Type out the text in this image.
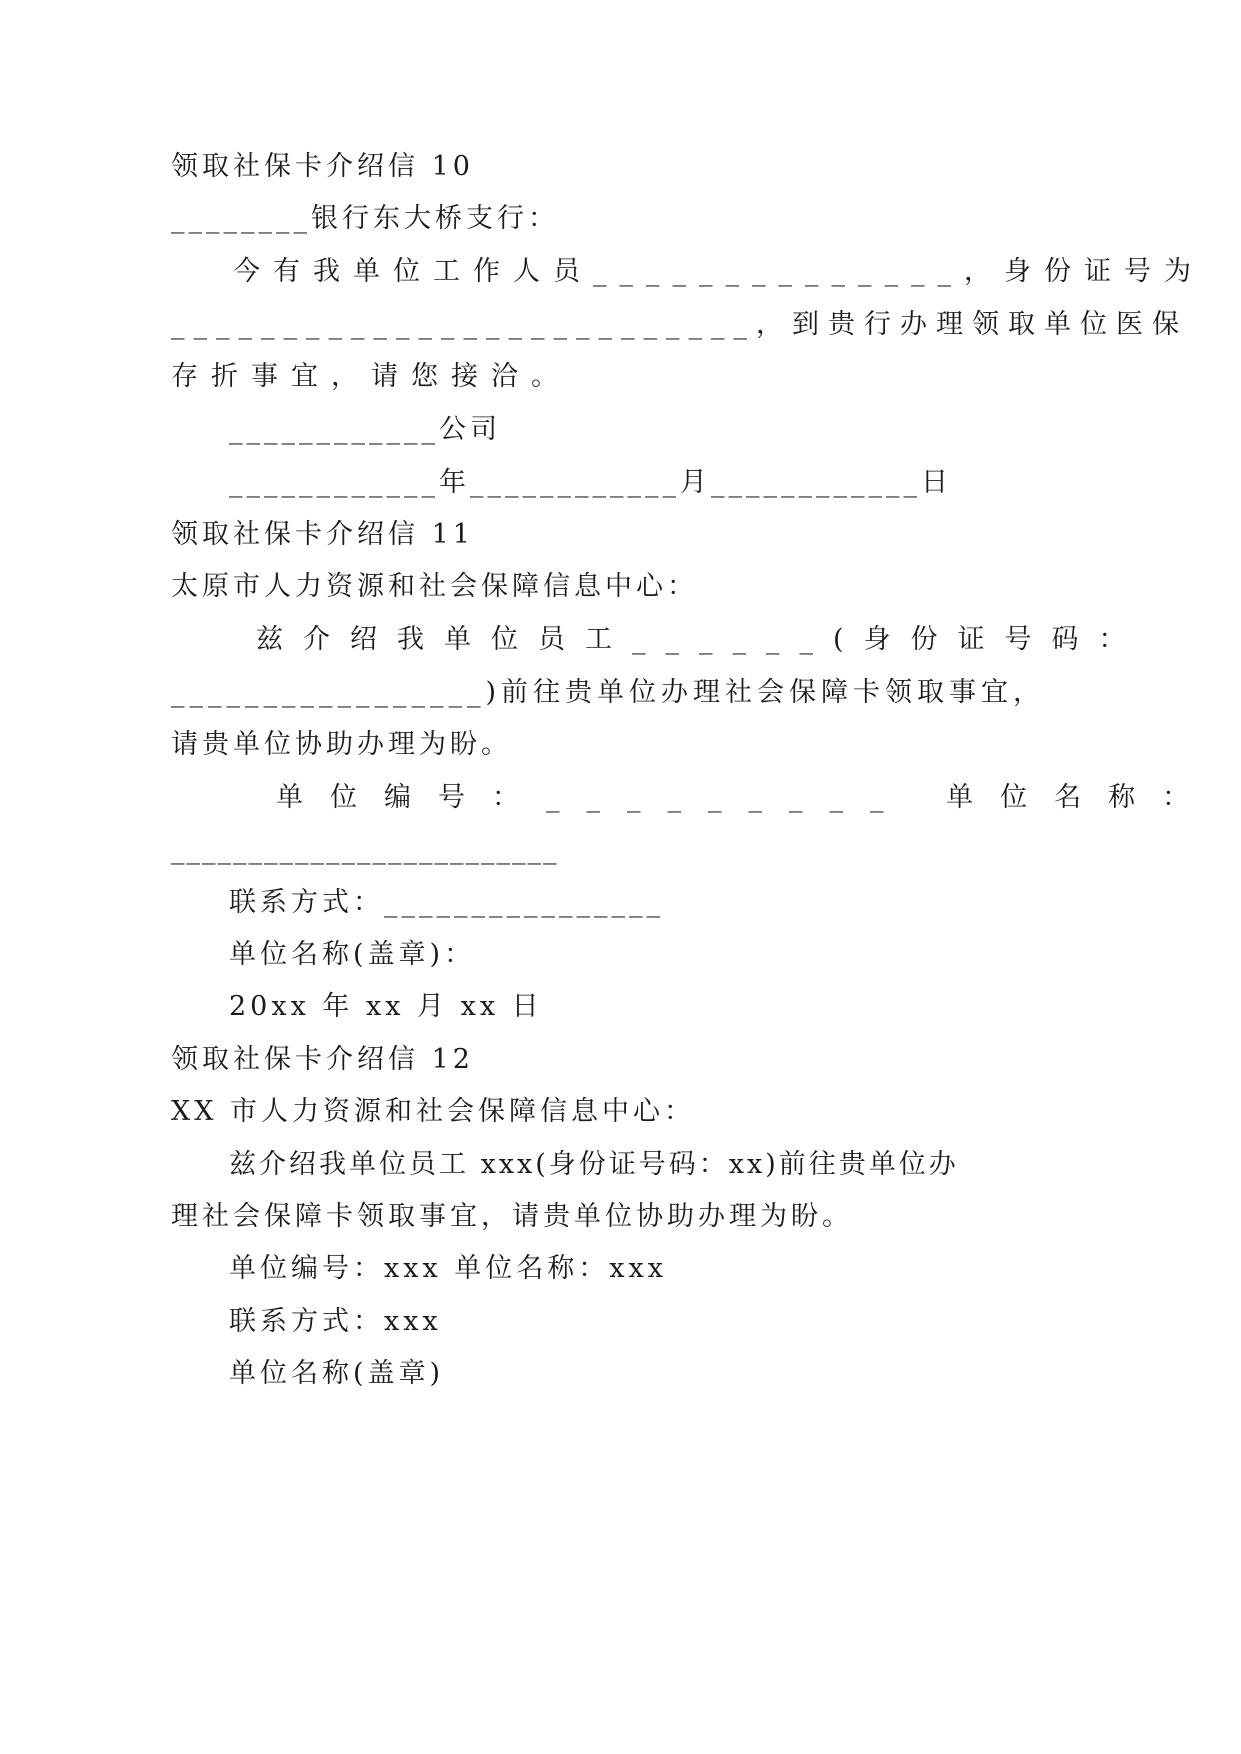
领取社保卡介绍信 10
________银行东大桥支行：
今有我单位工作人员______________，身份证号为
__________________________，到贵行办理领取单位医保
存折事宜，请您接洽。
____________公司
____________年____________月____________日
领取社保卡介绍信 11
太原市人力资源和社会保障信息中心：
兹介绍我单位员工______(身份证号码：
_________________)前往贵单位办理社会保障卡领取事宜，
请贵单位协助办理为盼。
单位编号：_________ 单位名称：
_________________________
联系方式：________________
单位名称(盖章)：
20xx 年 xx 月 xx 日
领取社保卡介绍信 12
XX 市人力资源和社会保障信息中心：
兹介绍我单位员工 xxx(身份证号码：xx)前往贵单位办
理社会保障卡领取事宜，请贵单位协助办理为盼。
单位编号：xxx 单位名称：xxx
联系方式：xxx
单位名称(盖章)
